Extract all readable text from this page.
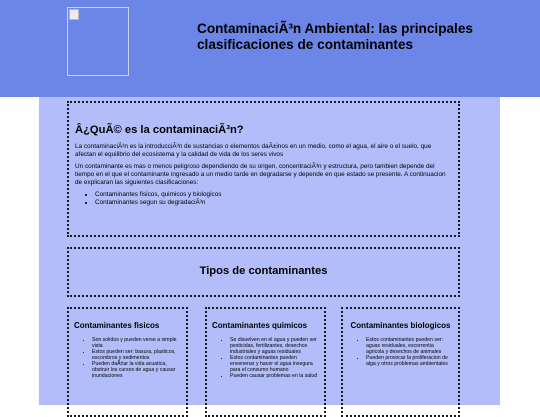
ContaminaciÃ³n Ambiental: las principales clasificaciones de contaminantes
Â¿QuÃ© es la contaminaciÃ³n?

La contaminaciÃ³n es la introducciÃ³n de sustancias o elementos daÃ±inos en un medio, como el agua, el aire o el suelo, que afectan el equilibrio del ecosistema y la calidad de vida de los seres vivos

Un contaminante es mas o menos peligroso dependiendo de su origen, concentraciÃ³n y estructura, pero tambien depende del tiempo en el que el contaminante ingresado a un medio tarde en degradarse y depende en que estado se presente. A continuacion de explicaran las siguientes clasificaciones:

• Contaminantes fisicos, quimicos y biologicos
• Contaminantes segun su degradaciÃ³n
Tipos de contaminantes
Contaminantes fisicos
• Son solidos y pueden verse a simple vista
• Estos pueden ser: basura, plasticos, escombros y sedimentos
• Pueden daÃ±ar la vida acuatica, obstruir los cursos de agua y causar inundaciones
Contaminantes quimicos
• Se disuelven en el agua y pueden ser pesticidas, fertilizantes, desechos industriales y aguas residuales
• Estos contaminantes pueden envenenar y hacer el agua insegura para el consumo humano
• Pueden causar problemas en la salud
Contaminantes biologicos
• Estos contaminantes pueden ser: aguas residuales, escorrentia agricola y desechos de animales
• Pueden provocar la proliferacion de alga y otros problemas ambientales
